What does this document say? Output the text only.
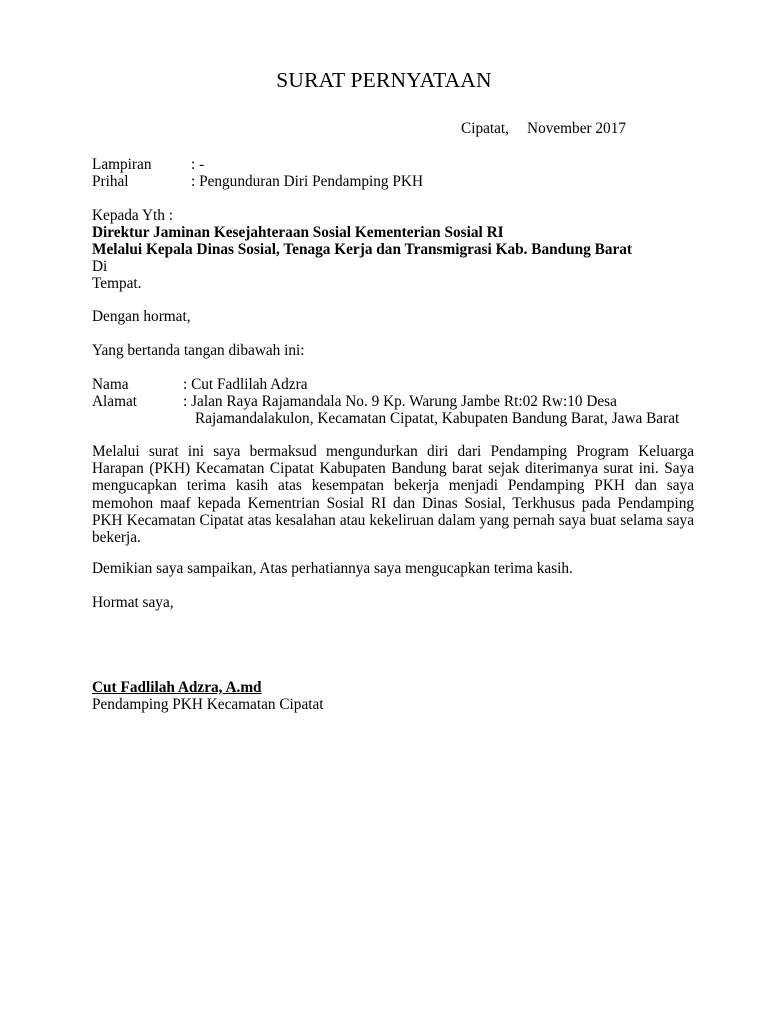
SURAT PERNYATAAN
Cipatat, November 2017
Lampiran	: -
Prihal	: Pengunduran Diri Pendamping PKH
Kepada Yth :
Direktur Jaminan Kesejahteraan Sosial Kementerian Sosial RI
Melalui Kepala Dinas Sosial, Tenaga Kerja dan Transmigrasi Kab. Bandung Barat
Di
Tempat.
Dengan hormat,
Yang bertanda tangan dibawah ini:
Nama	: Cut Fadlilah Adzra
Alamat	: Jalan Raya Rajamandala No. 9 Kp. Warung Jambe Rt:02 Rw:10 Desa
Rajamandalakulon, Kecamatan Cipatat, Kabupaten Bandung Barat, Jawa Barat
Melalui surat ini saya bermaksud mengundurkan diri dari Pendamping Program Keluarga Harapan (PKH) Kecamatan Cipatat Kabupaten Bandung barat sejak diterimanya surat ini. Saya mengucapkan terima kasih atas kesempatan bekerja menjadi Pendamping PKH dan saya memohon maaf kepada Kementrian Sosial RI dan Dinas Sosial, Terkhusus pada Pendamping PKH Kecamatan Cipatat atas kesalahan atau kekeliruan dalam yang pernah saya buat selama saya bekerja.
Demikian saya sampaikan, Atas perhatiannya saya mengucapkan terima kasih.
Hormat saya,
Cut Fadlilah Adzra, A.md
Pendamping PKH Kecamatan Cipatat
